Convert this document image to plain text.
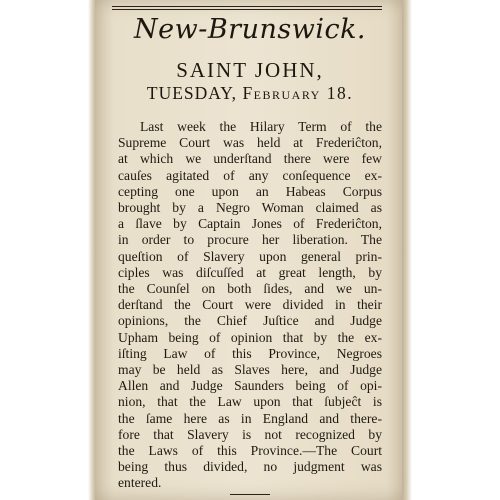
New-Brunswick.
SAINT JOHN,
TUESDAY, February 18.
Last week the Hilary Term of the
Supreme Court was held at Frederiĉton,
at which we underſtand there were few
cauſes agitated of any conſequence ex-
cepting one upon an Habeas Corpus
brought by a Negro Woman claimed as
a ſlave by Captain Jones of Frederiĉton,
in order to procure her liberation. The
queſtion of Slavery upon general prin-
ciples was diſcuſſed at great length, by
the Counſel on both ſides, and we un-
derſtand the Court were divided in their
opinions, the Chief Juſtice and Judge
Upham being of opinion that by the ex-
iſting Law of this Province, Negroes
may be held as Slaves here, and Judge
Allen and Judge Saunders being of opi-
nion, that the Law upon that ſubjeĉt is
the ſame here as in England and there-
fore that Slavery is not recognized by
the Laws of this Province.—The Court
being thus divided, no judgment was
entered.
